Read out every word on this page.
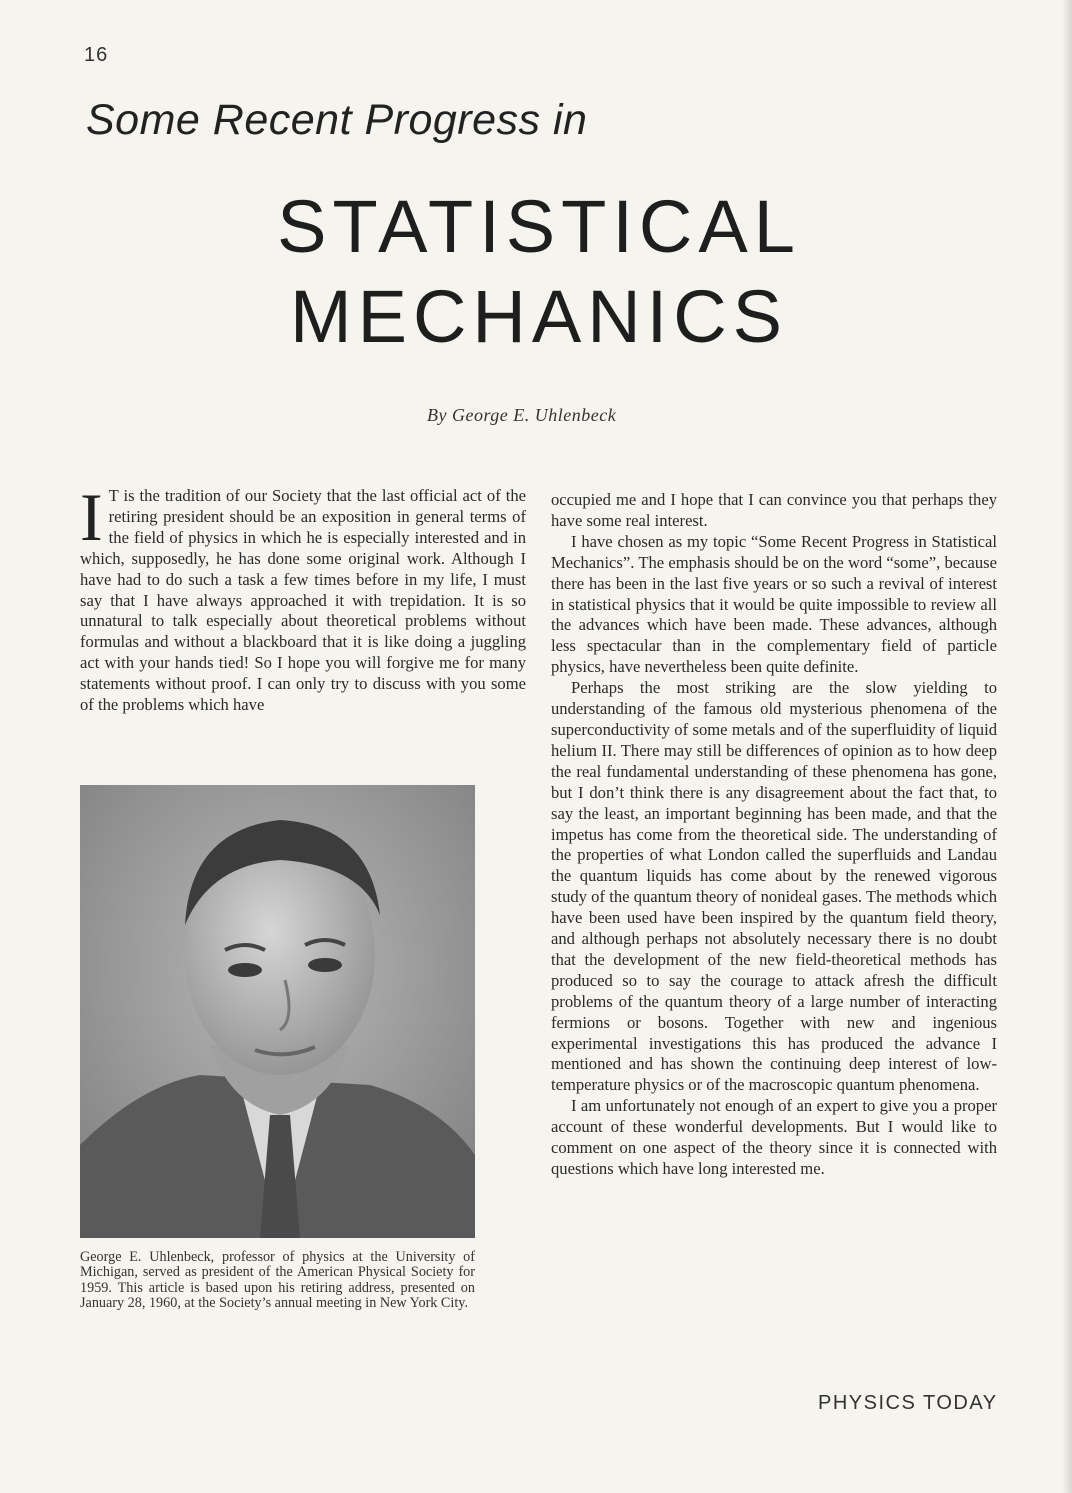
16
Some Recent Progress in
STATISTICAL
MECHANICS
By George E. Uhlenbeck

I T is the tradition of our Society that the last official act of the retiring president should be an exposition in general terms of the field of physics in which he is especially interested and in which, supposedly, he has done some original work. Although I have had to do such a task a few times before in my life, I must say that I have always approached it with trepidation. It is so unnatural to talk especially about theoretical problems without formulas and without a blackboard that it is like doing a juggling act with your hands tied! So I hope you will forgive me for many statements without proof. I can only try to discuss with you some of the problems which have

George E. Uhlenbeck, professor of physics at the University of Michigan, served as president of the American Physical Society for 1959. This article is based upon his retiring address, presented on January 28, 1960, at the Society’s annual meeting in New York City.

occupied me and I hope that I can convince you that perhaps they have some real interest.

I have chosen as my topic “Some Recent Progress in Statistical Mechanics”. The emphasis should be on the word “some”, because there has been in the last five years or so such a revival of interest in statistical physics that it would be quite impossible to review all the advances which have been made. These advances, although less spectacular than in the complementary field of particle physics, have nevertheless been quite definite.

Perhaps the most striking are the slow yielding to understanding of the famous old mysterious phenomena of the superconductivity of some metals and of the superfluidity of liquid helium II. There may still be differences of opinion as to how deep the real fundamental understanding of these phenomena has gone, but I don’t think there is any disagreement about the fact that, to say the least, an important beginning has been made, and that the impetus has come from the theoretical side. The understanding of the properties of what London called the superfluids and Landau the quantum liquids has come about by the renewed vigorous study of the quantum theory of nonideal gases. The methods which have been used have been inspired by the quantum field theory, and although perhaps not absolutely necessary there is no doubt that the development of the new field-theoretical methods has produced so to say the courage to attack afresh the difficult problems of the quantum theory of a large number of interacting fermions or bosons. Together with new and ingenious experimental investigations this has produced the advance I mentioned and has shown the continuing deep interest of low-temperature physics or of the macroscopic quantum phenomena.

I am unfortunately not enough of an expert to give you a proper account of these wonderful developments. But I would like to comment on one aspect of the theory since it is connected with questions which have long interested me.

PHYSICS TODAY
